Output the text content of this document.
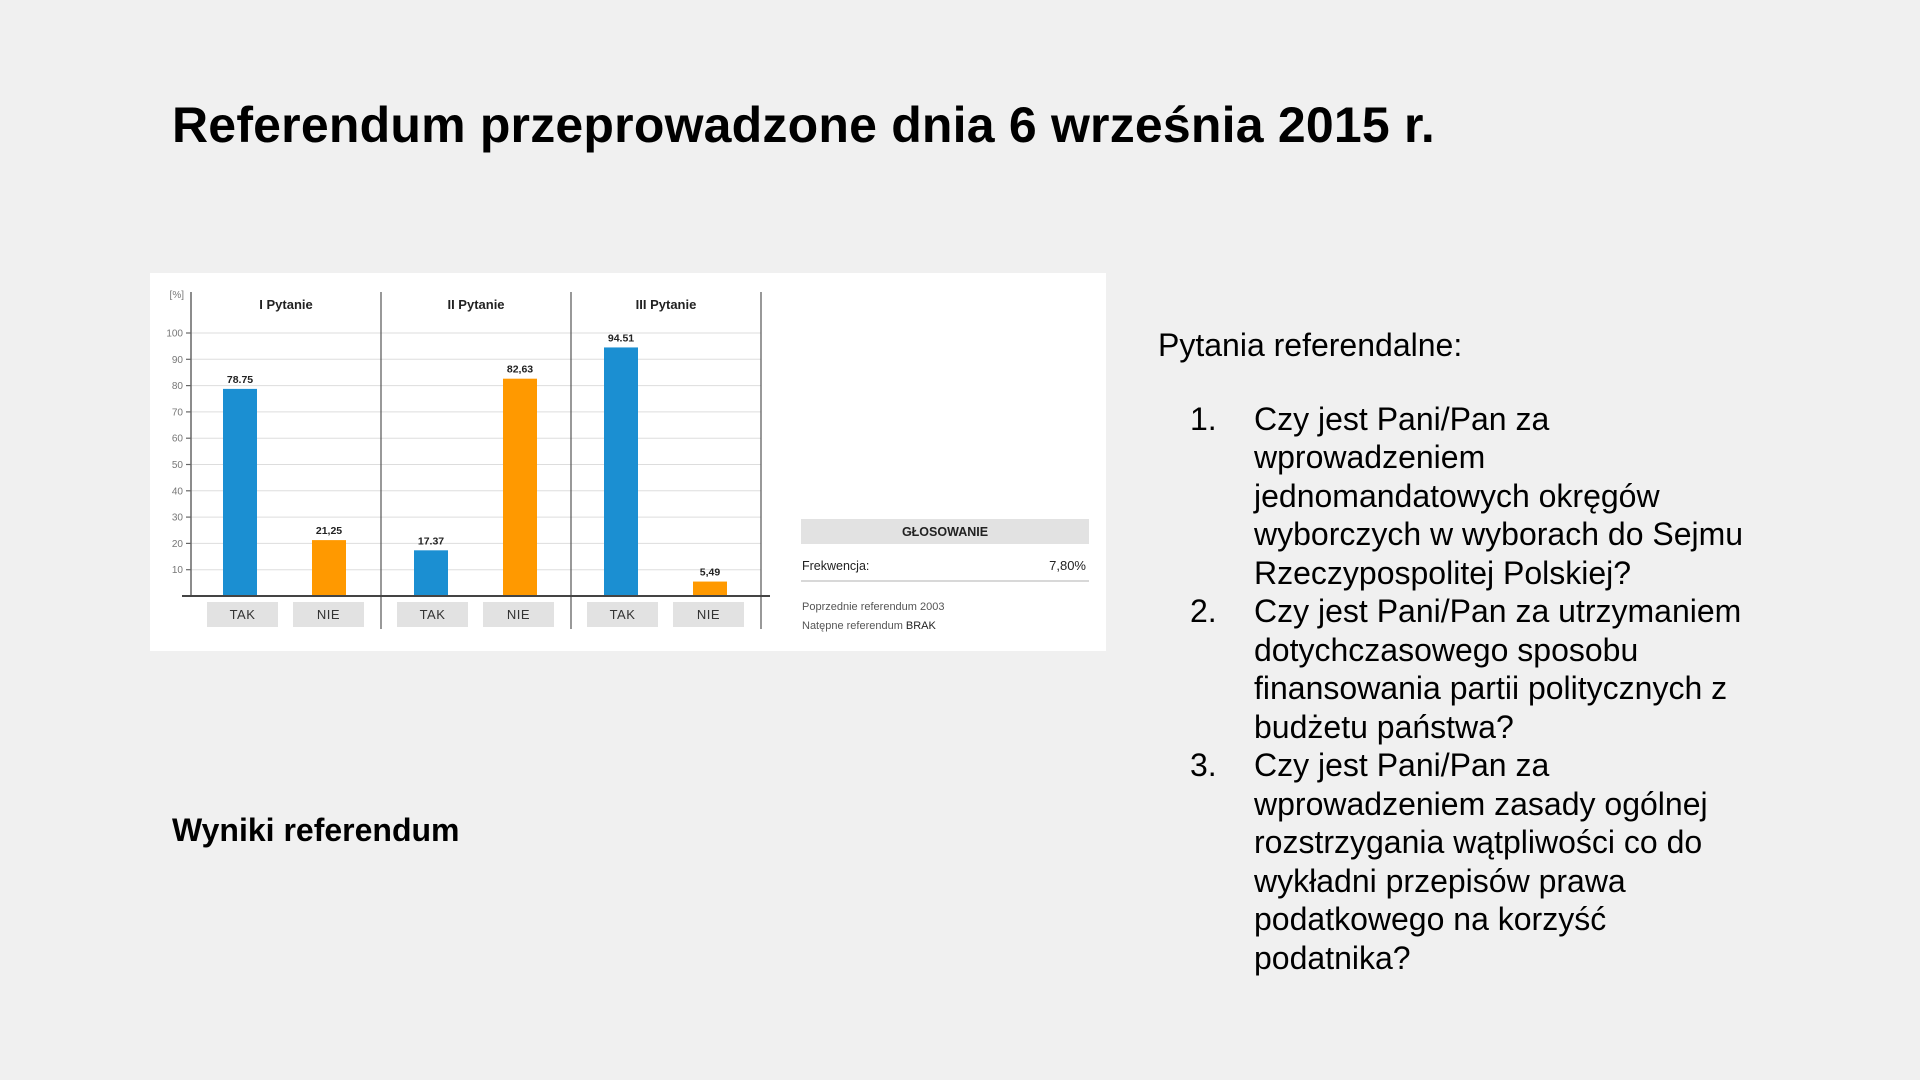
Referendum przeprowadzone dnia 6 września 2015 r.
10
20
30
40
50
60
70
80
90
100
[%]
I Pytanie	II Pytanie	III Pytanie
78.75
21,25
17.37
82,63
94.51
5,49
TAK	NIE	TAK	NIE	TAK	NIE
GŁOSOWANIE
Frekwencja:	7,80%
Poprzednie referendum 2003
Natępne referendum BRAK
Wyniki referendum
Pytania referendalne:
1. Czy jest Pani/Pan za
wprowadzeniem
jednomandatowych okręgów
wyborczych w wyborach do Sejmu
Rzeczypospolitej Polskiej?
2. Czy jest Pani/Pan za utrzymaniem
dotychczasowego sposobu
finansowania partii politycznych z
budżetu państwa?
3. Czy jest Pani/Pan za
wprowadzeniem zasady ogólnej
rozstrzygania wątpliwości co do
wykładni przepisów prawa
podatkowego na korzyść
podatnika?
